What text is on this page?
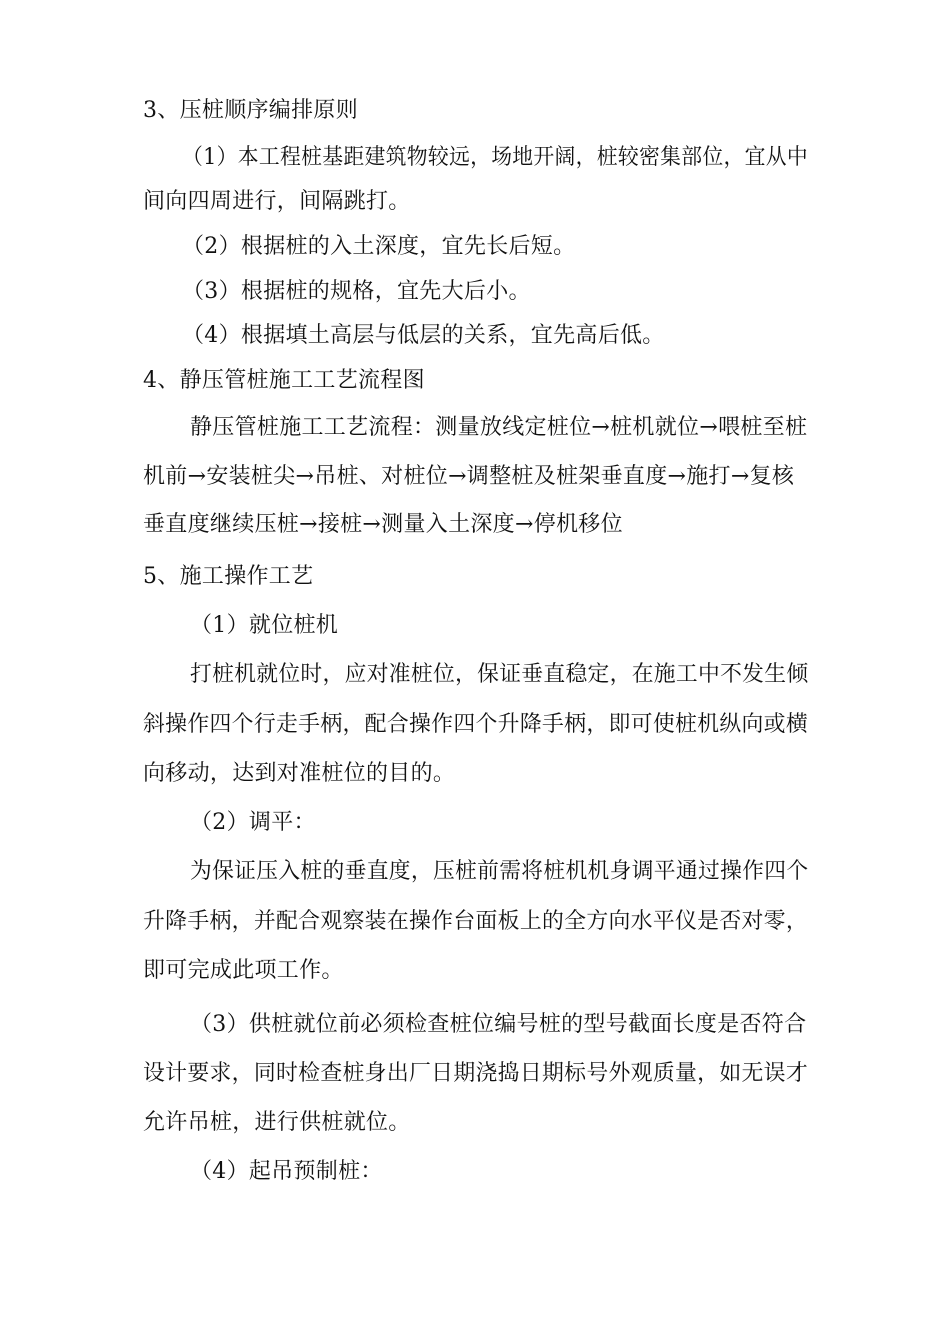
3、压桩顺序编排原则

（1）本工程桩基距建筑物较远，场地开阔，桩较密集部位，宜从中

间向四周进行，间隔跳打。

（2）根据桩的入土深度，宜先长后短。

（3）根据桩的规格，宜先大后小。

（4）根据填土高层与低层的关系，宜先高后低。

4、静压管桩施工工艺流程图

静压管桩施工工艺流程：测量放线定桩位→桩机就位→喂桩至桩

机前→安装桩尖→吊桩、对桩位→调整桩及桩架垂直度→施打→复核

垂直度继续压桩→接桩→测量入土深度→停机移位

5、施工操作工艺

（1）就位桩机

打桩机就位时，应对准桩位，保证垂直稳定，在施工中不发生倾

斜操作四个行走手柄，配合操作四个升降手柄，即可使桩机纵向或横

向移动，达到对准桩位的目的。

（2）调平：

为保证压入桩的垂直度，压桩前需将桩机机身调平通过操作四个

升降手柄，并配合观察装在操作台面板上的全方向水平仪是否对零，

即可完成此项工作。

（3）供桩就位前必须检查桩位编号桩的型号截面长度是否符合

设计要求，同时检查桩身出厂日期浇捣日期标号外观质量，如无误才

允许吊桩，进行供桩就位。

（4）起吊预制桩：
